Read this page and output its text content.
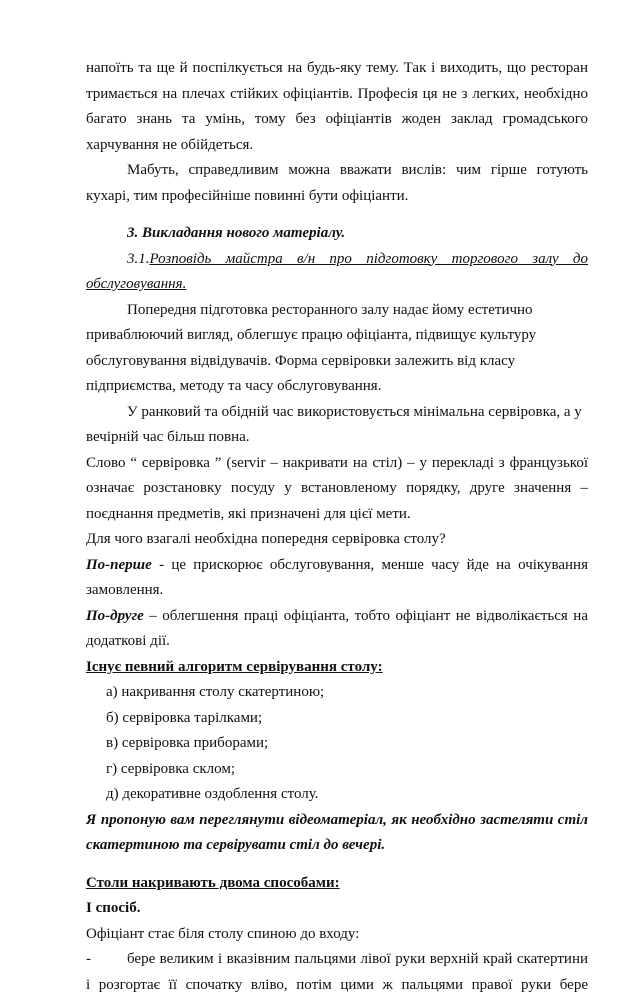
напоїть та ще й поспілкується на будь-яку тему. Так і виходить, що ресторан
тримається на плечах стійких офіціантів. Професія ця не з легких, необхідно
багато знань та умінь, тому без офіціантів жоден заклад громадського
харчування не обійдеться.
Мабуть, справедливим можна вважати вислів: чим гірше готують
кухарі, тим професійніше повинні бути офіціанти.
3. Викладання нового матеріалу.
3.1.Розповідь майстра в/н про підготовку торгового залу до
обслуговування.
Попередня підготовка ресторанного залу надає йому естетично
приваблюючий вигляд, облегшує працю офіціанта, підвищує культуру
обслуговування відвідувачів. Форма сервіровки залежить від класу
підприємства, методу та часу обслуговування.
У ранковий та обідній час використовується мінімальна сервіровка, а у
вечірній час більш повна.
Слово “ сервіровка ” (servir – накривати на стіл) – у перекладі з французької
означає розстановку посуду у встановленому порядку, друге значення –
поєднання предметів, які призначені для цієї мети.
Для чого взагалі необхідна попередня сервіровка столу?
По-перше - це прискорює обслуговування, менше часу йде на очікування
замовлення.
По-друге – облегшення праці офіціанта, тобто офіціант не відволікається на
додаткові дії.
Існує певний алгоритм сервірування столу:
а) накривання столу скатертиною;
б) сервіровка тарілками;
в) сервіровка приборами;
г) сервіровка склом;
д) декоративне оздоблення столу.
Я пропоную вам переглянути відеоматеріал, як необхідно застеляти стіл
скатертиною та сервірувати стіл до вечері.
Столи накривають двома способами:
І спосіб.
Офіціант стає біля столу спиною до входу:
-	бере великим і вказівним пальцями лівої руки верхній край скатертини
і розгортає її спочатку вліво, потім цими ж пальцями правої руки бере
